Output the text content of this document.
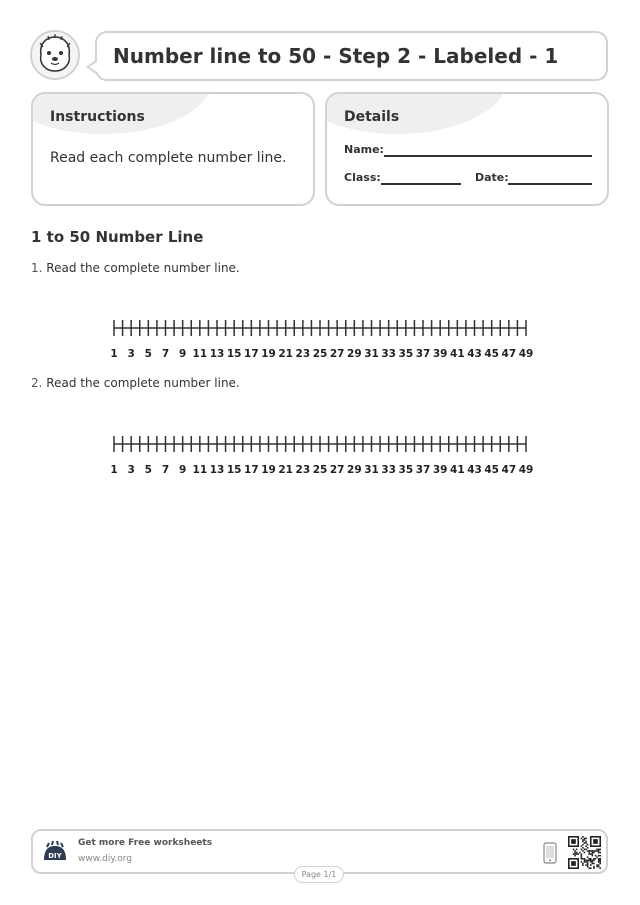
Number line to 50 - Step 2 - Labeled - 1
Instructions
Read each complete number line.
Details
Name:
Class:	Date:
1 to 50 Number Line
1. Read the complete number line.
1 3 5 7 9 11 13 15 17 19 21 23 25 27 29 31 33 35 37 39 41 43 45 47 49
2. Read the complete number line.
1 3 5 7 9 11 13 15 17 19 21 23 25 27 29 31 33 35 37 39 41 43 45 47 49
DIY
Get more Free worksheets
www.diy.org
Page 1/1
